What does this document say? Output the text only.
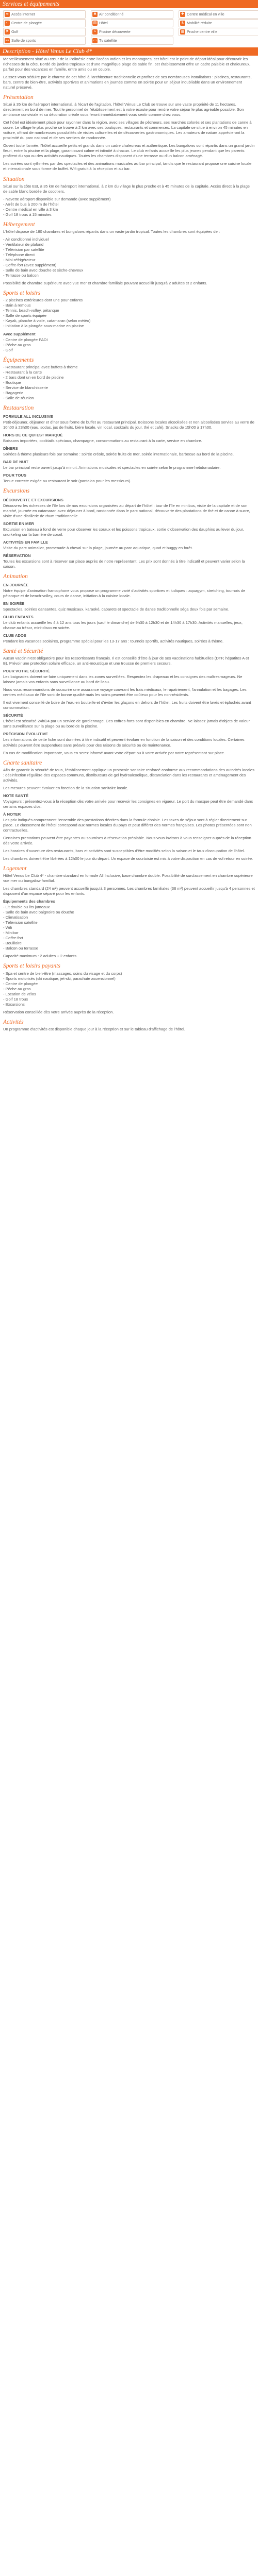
Services et équipements
≋ Accès internet	✱ Air conditionné	✚ Centre médical en ville
◐ Centre de plongée	▤ Hôtel	♿ Mobilité réduite
⚑ Golf	≈ Piscine découverte	▦ Proche centre ville
⊷ Salle de sports	▭ Tv satellite
Description - Hôtel Venus Le Club 4*

Merveilleusement situé au cœur de la Polinésie entre l'océan Indien et les montagnes, cet hôtel est le point de départ idéal pour découvrir les richesses de la côte. Bordé de jardins tropicaux et d'une magnifique plage de sable fin, cet établissement offre un cadre paisible et chaleureux, parfait pour des vacances en famille, entre amis ou en couple.

Laissez-vous séduire par le charme de cet hôtel à l'architecture traditionnelle et profitez de ses nombreuses installations : piscines, restaurants, bars, centre de bien-être, activités sportives et animations en journée comme en soirée pour un séjour inoubliable dans un environnement naturel préservé.

Présentation

Situé à 35 km de l'aéroport international, à l'écart de l'agitation, l'hôtel Vénus Le Club se trouve sur une vaste propriété de 11 hectares, directement en bord de mer. Tout le personnel de l'établissement est à votre écoute pour rendre votre séjour le plus agréable possible. Son ambiance conviviale et sa décoration créole vous feront immédiatement vous sentir comme chez vous.

Cet hôtel est idéalement placé pour rayonner dans la région, avec ses villages de pêcheurs, ses marchés colorés et ses plantations de canne à sucre. Le village le plus proche se trouve à 2 km avec ses boutiques, restaurants et commerces. La capitale se situe à environ 45 minutes en voiture, offrant de nombreuses possibilités de visites culturelles et de découvertes gastronomiques. Les amateurs de nature apprécieront la proximité du parc national et de ses sentiers de randonnée.

Ouvert toute l'année, l'hôtel accueille petits et grands dans un cadre chaleureux et authentique. Les bungalows sont répartis dans un grand jardin fleuri, entre la piscine et la plage, garantissant calme et intimité à chacun. Le club enfants accueille les plus jeunes pendant que les parents profitent du spa ou des activités nautiques. Toutes les chambres disposent d'une terrasse ou d'un balcon aménagé.

Les soirées sont rythmées par des spectacles et des animations musicales au bar principal, tandis que le restaurant propose une cuisine locale et internationale sous forme de buffet. Wifi gratuit à la réception et au bar.

Situation

Situé sur la côte Est, à 35 km de l'aéroport international, à 2 km du village le plus proche et à 45 minutes de la capitale. Accès direct à la plage de sable blanc bordée de cocotiers.

- Navette aéroport disponible sur demande (avec supplément)
- Arrêt de bus à 200 m de l'hôtel
- Centre médical en ville à 3 km
- Golf 18 trous à 15 minutes
Hébergement

L'hôtel dispose de 180 chambres et bungalows répartis dans un vaste jardin tropical. Toutes les chambres sont équipées de :

- Air conditionné individuel
- Ventilateur de plafond
- Télévision par satellite
- Téléphone direct
- Mini-réfrigérateur
- Coffre-fort (avec supplément)
- Salle de bain avec douche et sèche-cheveux
- Terrasse ou balcon

Possibilité de chambre supérieure avec vue mer et chambre familiale pouvant accueillir jusqu'à 2 adultes et 2 enfants.

Sports et loisirs
- 2 piscines extérieures dont une pour enfants
- Bain à remous
- Tennis, beach-volley, pétanque
- Salle de sports équipée
- Kayak, planche à voile, catamaran (selon météo)
- Initiation à la plongée sous-marine en piscine
Avec supplément
- Centre de plongée PADI
- Pêche au gros
- Golf
Équipements
- Restaurant principal avec buffets à thème
- Restaurant à la carte
- 2 bars dont un en bord de piscine
- Boutique
- Service de blanchisserie
- Bagagerie
- Salle de réunion
Restauration
FORMULE ALL INCLUSIVE

Petit-déjeuner, déjeuner et dîner sous forme de buffet au restaurant principal. Boissons locales alcoolisées et non alcoolisées servies au verre de 10h00 à 23h00 (eau, sodas, jus de fruits, bière locale, vin local, cocktails du jour, thé et café). Snacks de 15h00 à 17h00.

HORS DE CE QUI EST MARQUÉ

Boissons importées, cocktails spéciaux, champagne, consommations au restaurant à la carte, service en chambre.

DÎNERS

Soirées à thème plusieurs fois par semaine : soirée créole, soirée fruits de mer, soirée internationale, barbecue au bord de la piscine.

BAR DE NUIT

Le bar principal reste ouvert jusqu'à minuit. Animations musicales et spectacles en soirée selon le programme hebdomadaire.

POUR TOUS

Tenue correcte exigée au restaurant le soir (pantalon pour les messieurs).

Excursions
DÉCOUVERTE ET EXCURSIONS

Découvrez les richesses de l'île lors de nos excursions organisées au départ de l'hôtel : tour de l'île en minibus, visite de la capitale et de son marché, journée en catamaran avec déjeuner à bord, randonnée dans le parc national, découverte des plantations de thé et de canne à sucre, visite d'une distillerie de rhum traditionnelle.

SORTIE EN MER

Excursion en bateau à fond de verre pour observer les coraux et les poissons tropicaux, sortie d'observation des dauphins au lever du jour, snorkeling sur la barrière de corail.

ACTIVITÉS EN FAMILLE

Visite du parc animalier, promenade à cheval sur la plage, journée au parc aquatique, quad et buggy en forêt.

RÉSERVATION

Toutes les excursions sont à réserver sur place auprès de notre représentant. Les prix sont donnés à titre indicatif et peuvent varier selon la saison.

Animation
EN JOURNÉE

Notre équipe d'animation francophone vous propose un programme varié d'activités sportives et ludiques : aquagym, stretching, tournois de pétanque et de beach-volley, cours de danse, initiation à la cuisine locale.

EN SOIRÉE

Spectacles, soirées dansantes, quiz musicaux, karaoké, cabarets et spectacle de danse traditionnelle séga deux fois par semaine.

CLUB ENFANTS

Le club enfants accueille les 4 à 12 ans tous les jours (sauf le dimanche) de 9h30 à 12h30 et de 14h30 à 17h30. Activités manuelles, jeux, chasse au trésor, mini-disco en soirée.

CLUB ADOS

Pendant les vacances scolaires, programme spécial pour les 13-17 ans : tournois sportifs, activités nautiques, soirées à thème.

Santé et Sécurité

Aucun vaccin n'est obligatoire pour les ressortissants français. Il est conseillé d'être à jour de ses vaccinations habituelles (DTP, hépatites A et B). Prévoir une protection solaire efficace, un anti-moustique et une trousse de premiers secours.

POUR VOTRE SÉCURITÉ

Les baignades doivent se faire uniquement dans les zones surveillées. Respectez les drapeaux et les consignes des maîtres-nageurs. Ne laissez jamais vos enfants sans surveillance au bord de l'eau.

Nous vous recommandons de souscrire une assurance voyage couvrant les frais médicaux, le rapatriement, l'annulation et les bagages. Les centres médicaux de l'île sont de bonne qualité mais les soins peuvent être coûteux pour les non-résidents.

Il est vivement conseillé de boire de l'eau en bouteille et d'éviter les glaçons en dehors de l'hôtel. Les fruits doivent être lavés et épluchés avant consommation.

SÉCURITÉ

L'hôtel est sécurisé 24h/24 par un service de gardiennage. Des coffres-forts sont disponibles en chambre. Ne laissez jamais d'objets de valeur sans surveillance sur la plage ou au bord de la piscine.

PRÉCISION ÉVOLUTIVE

Les informations de cette fiche sont données à titre indicatif et peuvent évoluer en fonction de la saison et des conditions locales. Certaines activités peuvent être suspendues sans préavis pour des raisons de sécurité ou de maintenance.

En cas de modification importante, vous en serez informé avant votre départ ou à votre arrivée par notre représentant sur place.

Charte sanitaire

Afin de garantir la sécurité de tous, l'établissement applique un protocole sanitaire renforcé conforme aux recommandations des autorités locales : désinfection régulière des espaces communs, distributeurs de gel hydroalcoolique, distanciation dans les restaurants et aménagement des activités.

Les mesures peuvent évoluer en fonction de la situation sanitaire locale.

NOTE SANTÉ

Voyageurs : présentez-vous à la réception dès votre arrivée pour recevoir les consignes en vigueur. Le port du masque peut être demandé dans certains espaces clos.

À NOTER

Les prix indiqués comprennent l'ensemble des prestations décrites dans la formule choisie. Les taxes de séjour sont à régler directement sur place. Le classement de l'hôtel correspond aux normes locales du pays et peut différer des normes françaises. Les photos présentées sont non contractuelles.

Certaines prestations peuvent être payantes ou soumises à réservation préalable. Nous vous invitons à vous renseigner auprès de la réception dès votre arrivée.

Les horaires d'ouverture des restaurants, bars et activités sont susceptibles d'être modifiés selon la saison et le taux d'occupation de l'hôtel.

Les chambres doivent être libérées à 12h00 le jour du départ. Un espace de courtoisie est mis à votre disposition en cas de vol retour en soirée.

Logement

Hôtel Venus Le Club 4* - chambre standard en formule All Inclusive, base chambre double. Possibilité de surclassement en chambre supérieure vue mer ou bungalow familial.

Les chambres standard (24 m²) peuvent accueillir jusqu'à 3 personnes. Les chambres familiales (36 m²) peuvent accueillir jusqu'à 4 personnes et disposent d'un espace séparé pour les enfants.

Équipements des chambres
- Lit double ou lits jumeaux
- Salle de bain avec baignoire ou douche
- Climatisation
- Télévision satellite
- Wifi
- Minibar
- Coffre-fort
- Bouilloire
- Balcon ou terrasse

Capacité maximum : 2 adultes + 2 enfants.

Sports et loisirs payants
- Spa et centre de bien-être (massages, soins du visage et du corps)
- Sports motorisés (ski nautique, jet-ski, parachute ascensionnel)
- Centre de plongée
- Pêche au gros
- Location de vélos
- Golf 18 trous
- Excursions

Réservation conseillée dès votre arrivée auprès de la réception.

Activités

Un programme d'activités est disponible chaque jour à la réception et sur le tableau d'affichage de l'hôtel.
